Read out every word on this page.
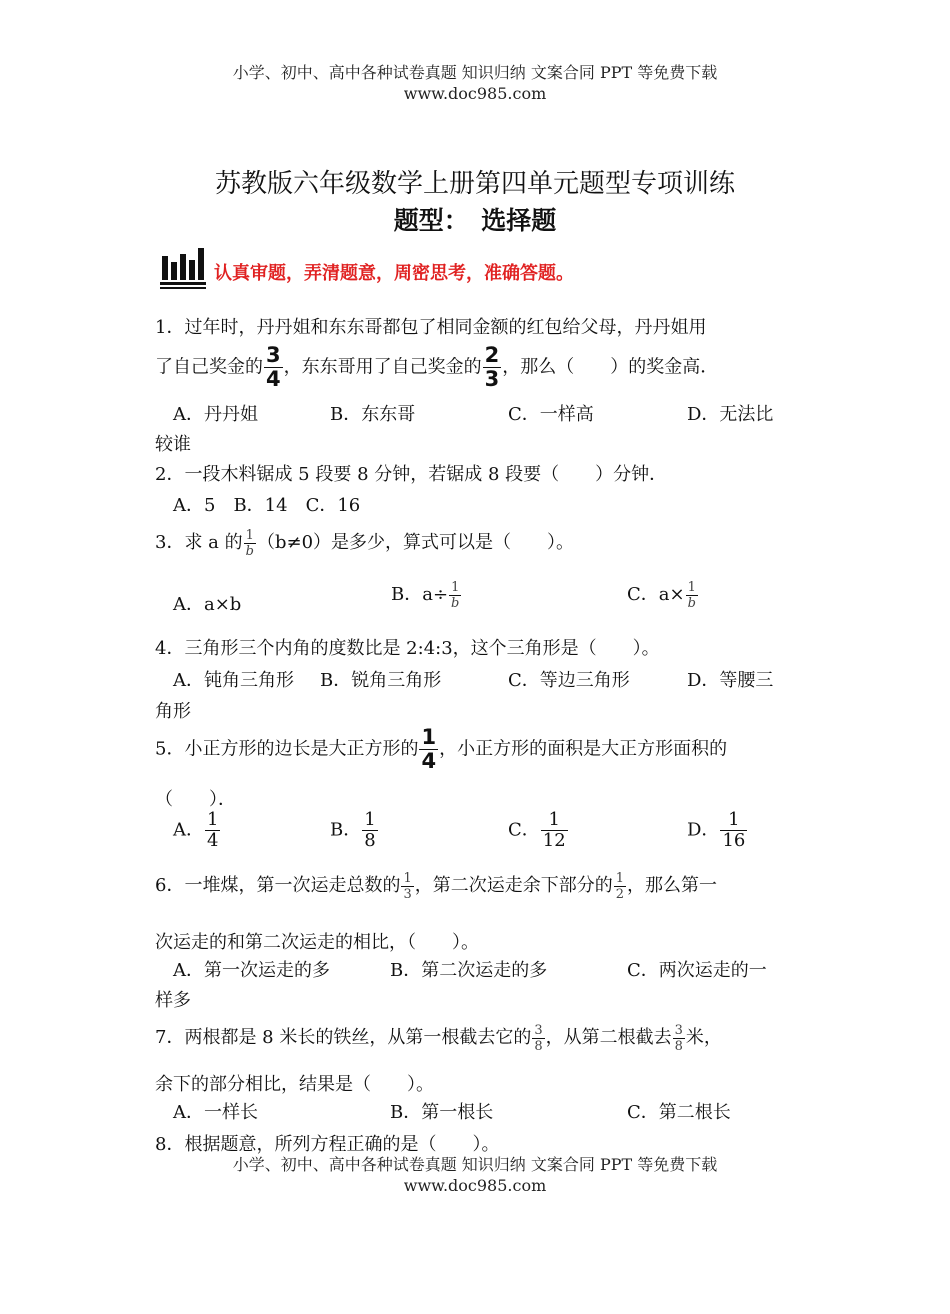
小学、初中、高中各种试卷真题 知识归纳 文案合同 PPT 等免费下载
www.doc985.com
苏教版六年级数学上册第四单元题型专项训练
题型：　选择题
认真审题，弄清题意，周密思考，准确答题。
1．过年时，丹丹姐和东东哥都包了相同金额的红包给父母，丹丹姐用
了自己奖金的 $\frac{3}{4}$ ，东东哥用了自己奖金的 $\frac{2}{3}$ ，那么（　　）的奖金高．
A．丹丹姐	B．东东哥	C．一样高	D．无法比
较谁
2．一段木料锯成 5 段要 8 分钟，若锯成 8 段要（　　）分钟．
A．5　B．14　C．16
3．求 a 的 $\frac{1}{b} (b\ne 0)$是多少，算式可以是（　　）。
A．a×b	B．$a\div \frac{1}{b}$	C．$a\times \frac{1}{b}$
4．三角形三个内角的度数比是 2:4:3，这个三角形是（　　）。
A．钝角三角形 B．锐角三角形	C．等边三角形	D．等腰三
角形
5．小正方形的边长是大正方形的 $\frac{1}{4}$ ，小正方形的面积是大正方形面积的
（　　）．
A． $\frac{1}{4}$	B． $\frac{1}{8}$	C． $\frac{1}{12}$	D． $\frac{1}{16}$
6．一堆煤，第一次运走总数的 $\frac{1}{3}$ ，第二次运走余下部分的 $\frac{1}{2}$ ，那么第一
次运走的和第二次运走的相比，（　　）。
A．第一次运走的多	B．第二次运走的多	C．两次运走的一
样多
7．两根都是 8 米长的铁丝，从第一根截去它的 $\frac{3}{8}$ ，从第二根截去 $\frac{3}{8}$ 米，
余下的部分相比，结果是（　　）。
A．一样长	B．第一根长	C．第二根长
8．根据题意，所列方程正确的是（　　）。
小学、初中、高中各种试卷真题 知识归纳 文案合同 PPT 等免费下载
www.doc985.com
